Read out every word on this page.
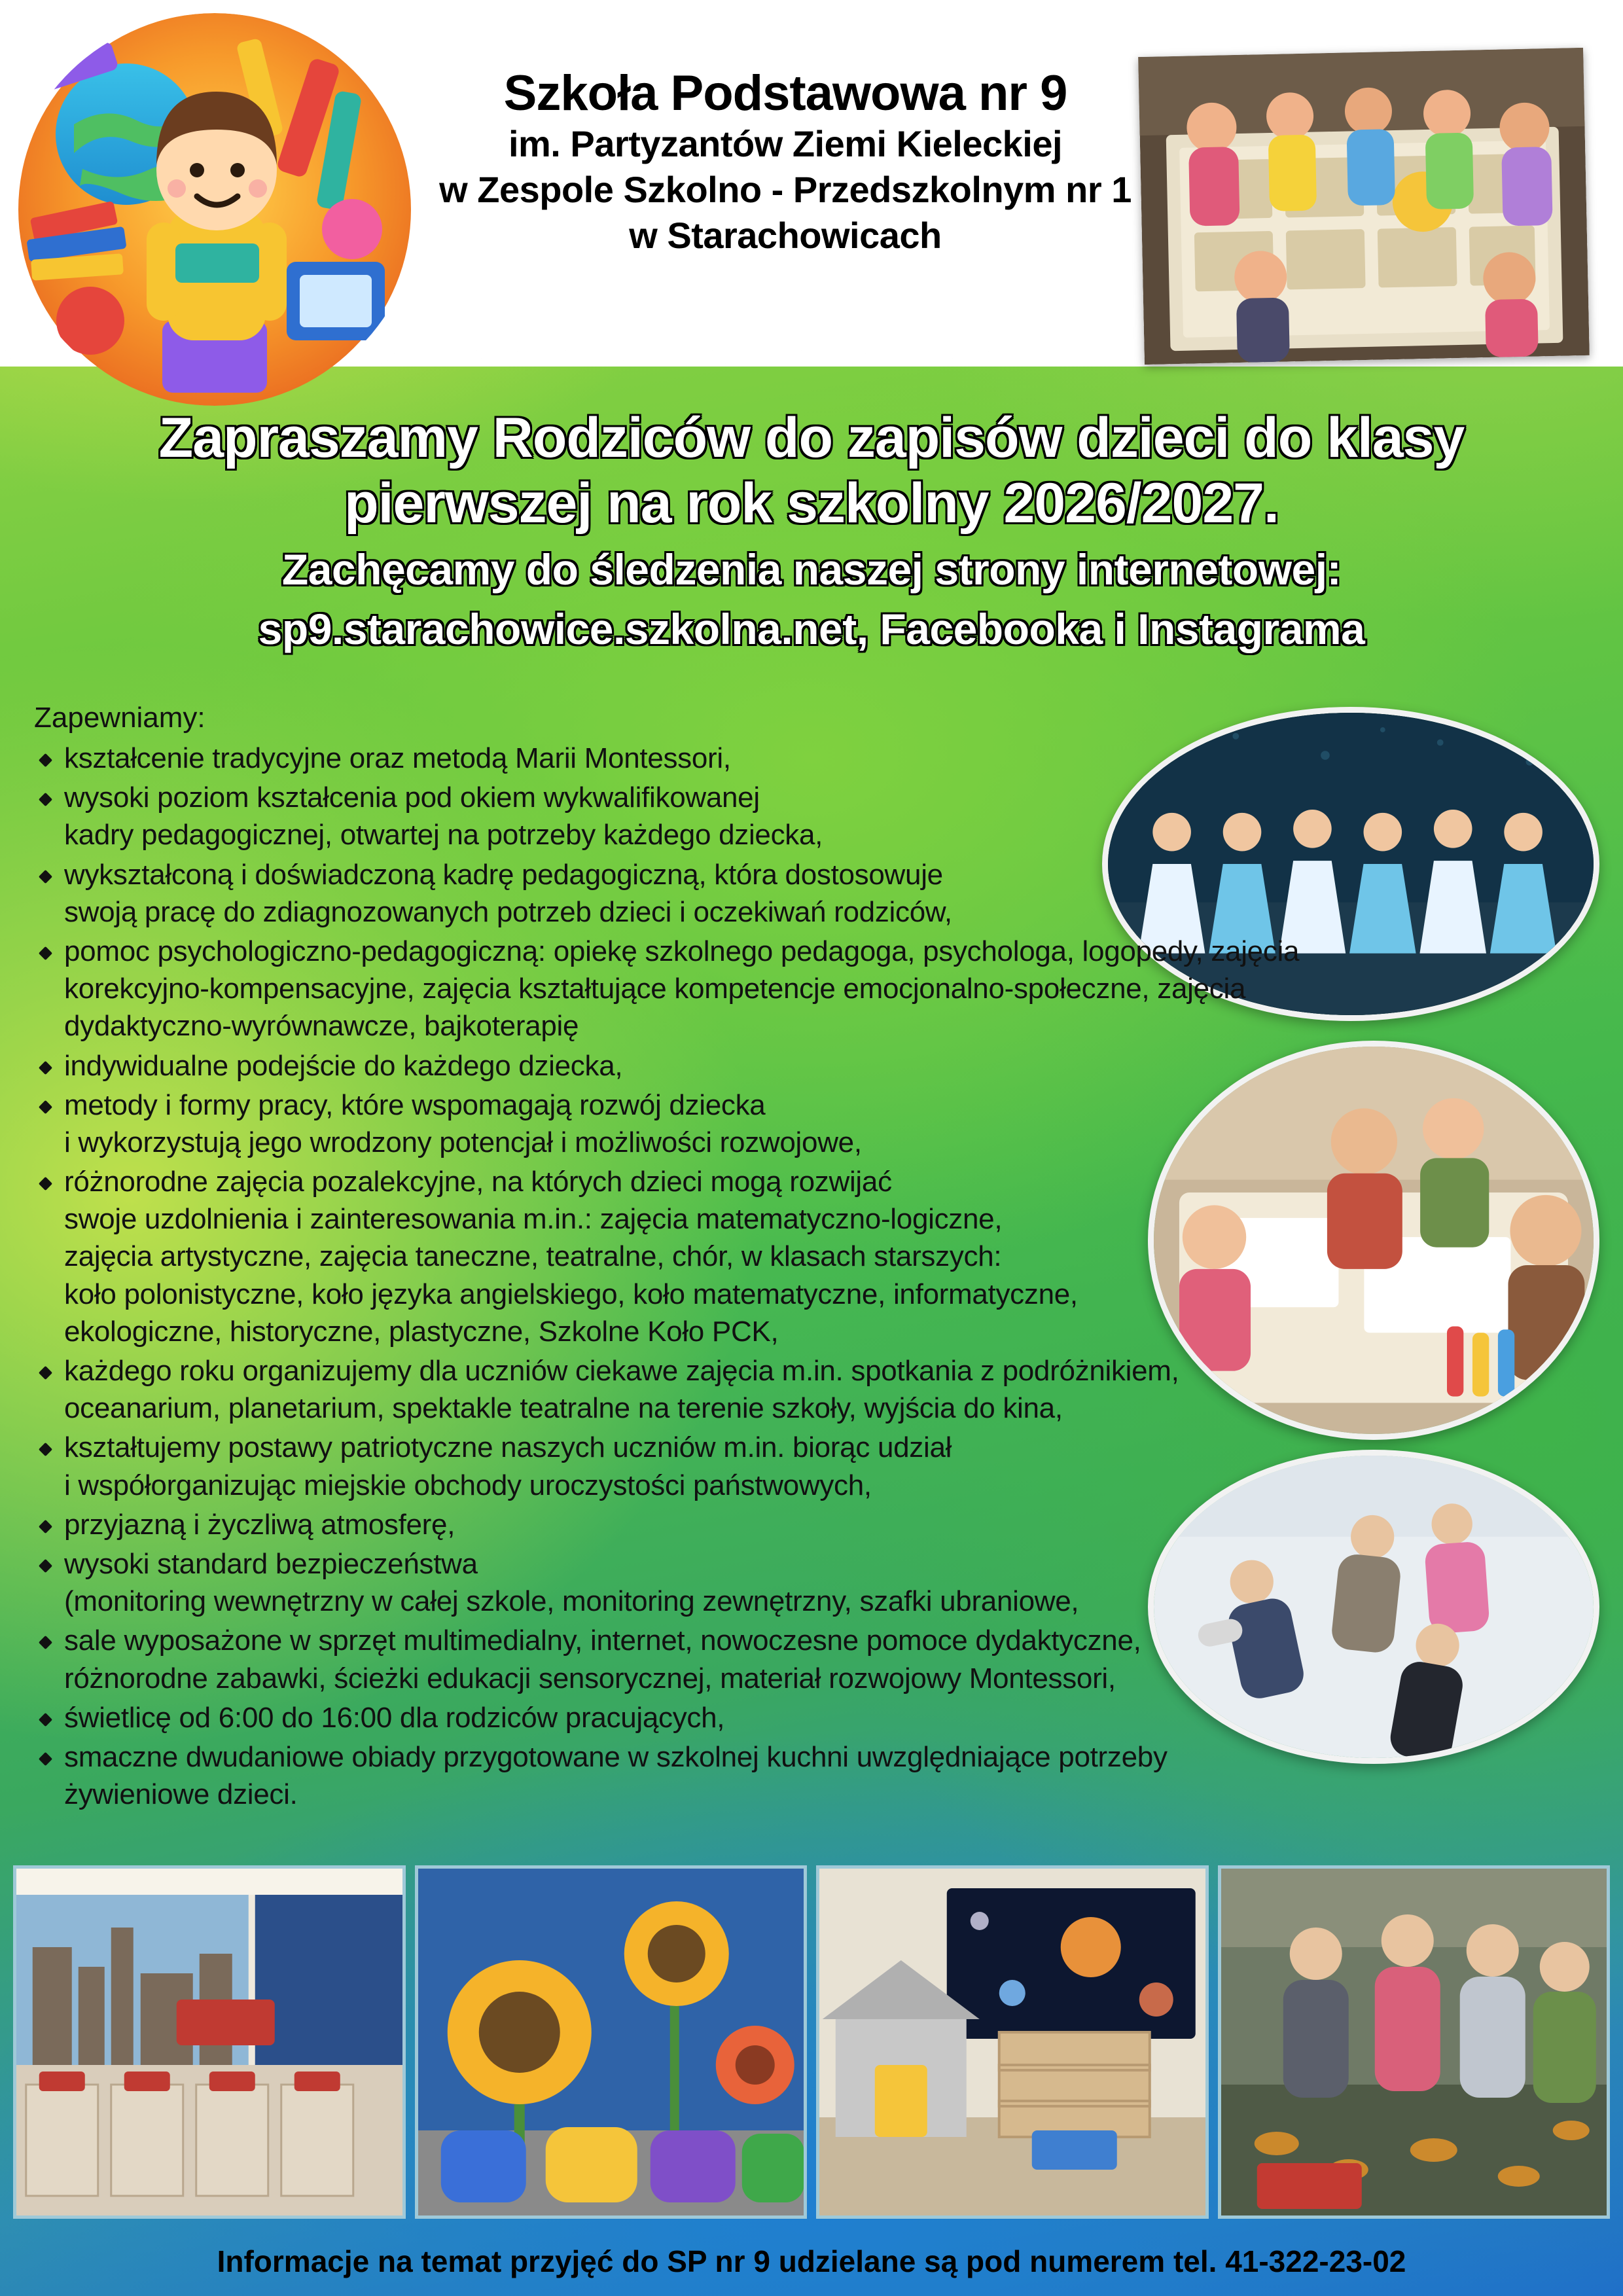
Szkoła Podstawowa nr 9
im. Partyzantów Ziemi Kieleckiej
w Zespole Szkolno - Przedszkolnym nr 1
w Starachowicach
Zapraszamy Rodziców do zapisów dzieci do klasy
pierwszej na rok szkolny 2026/2027.
Zachęcamy do śledzenia naszej strony internetowej:
sp9.starachowice.szkolna.net, Facebooka i Instagrama
Zapewniamy:
kształcenie tradycyjne oraz metodą Marii Montessori,
wysoki poziom kształcenia pod okiem wykwalifikowanej
kadry pedagogicznej, otwartej na potrzeby każdego dziecka,
wykształconą i doświadczoną kadrę pedagogiczną, która dostosowuje
swoją pracę do zdiagnozowanych potrzeb dzieci i oczekiwań rodziców,
pomoc psychologiczno-pedagogiczną: opiekę szkolnego pedagoga, psychologa, logopedy, zajęcia
korekcyjno-kompensacyjne, zajęcia kształtujące kompetencje emocjonalno-społeczne, zajęcia
dydaktyczno-wyrównawcze, bajkoterapię
indywidualne podejście do każdego dziecka,
metody i formy pracy, które wspomagają rozwój dziecka
i wykorzystują jego wrodzony potencjał i możliwości rozwojowe,
różnorodne zajęcia pozalekcyjne, na których dzieci mogą rozwijać
swoje uzdolnienia i zainteresowania m.in.: zajęcia matematyczno-logiczne,
zajęcia artystyczne, zajęcia taneczne, teatralne, chór, w klasach starszych:
koło polonistyczne, koło języka angielskiego, koło matematyczne, informatyczne,
ekologiczne, historyczne, plastyczne, Szkolne Koło PCK,
każdego roku organizujemy dla uczniów ciekawe zajęcia m.in. spotkania z podróżnikiem,
oceanarium, planetarium, spektakle teatralne na terenie szkoły, wyjścia do kina,
kształtujemy postawy patriotyczne naszych uczniów m.in. biorąc udział
i współorganizując miejskie obchody uroczystości państwowych,
przyjazną i życzliwą atmosferę,
wysoki standard bezpieczeństwa
(monitoring wewnętrzny w całej szkole, monitoring zewnętrzny, szafki ubraniowe,
sale wyposażone w sprzęt multimedialny, internet, nowoczesne pomoce dydaktyczne,
różnorodne zabawki, ścieżki edukacji sensorycznej, materiał rozwojowy Montessori,
świetlicę od 6:00 do 16:00 dla rodziców pracujących,
smaczne dwudaniowe obiady przygotowane w szkolnej kuchni uwzględniające potrzeby
żywieniowe dzieci.
Informacje na temat przyjęć do SP nr 9 udzielane są pod numerem tel. 41-322-23-02
